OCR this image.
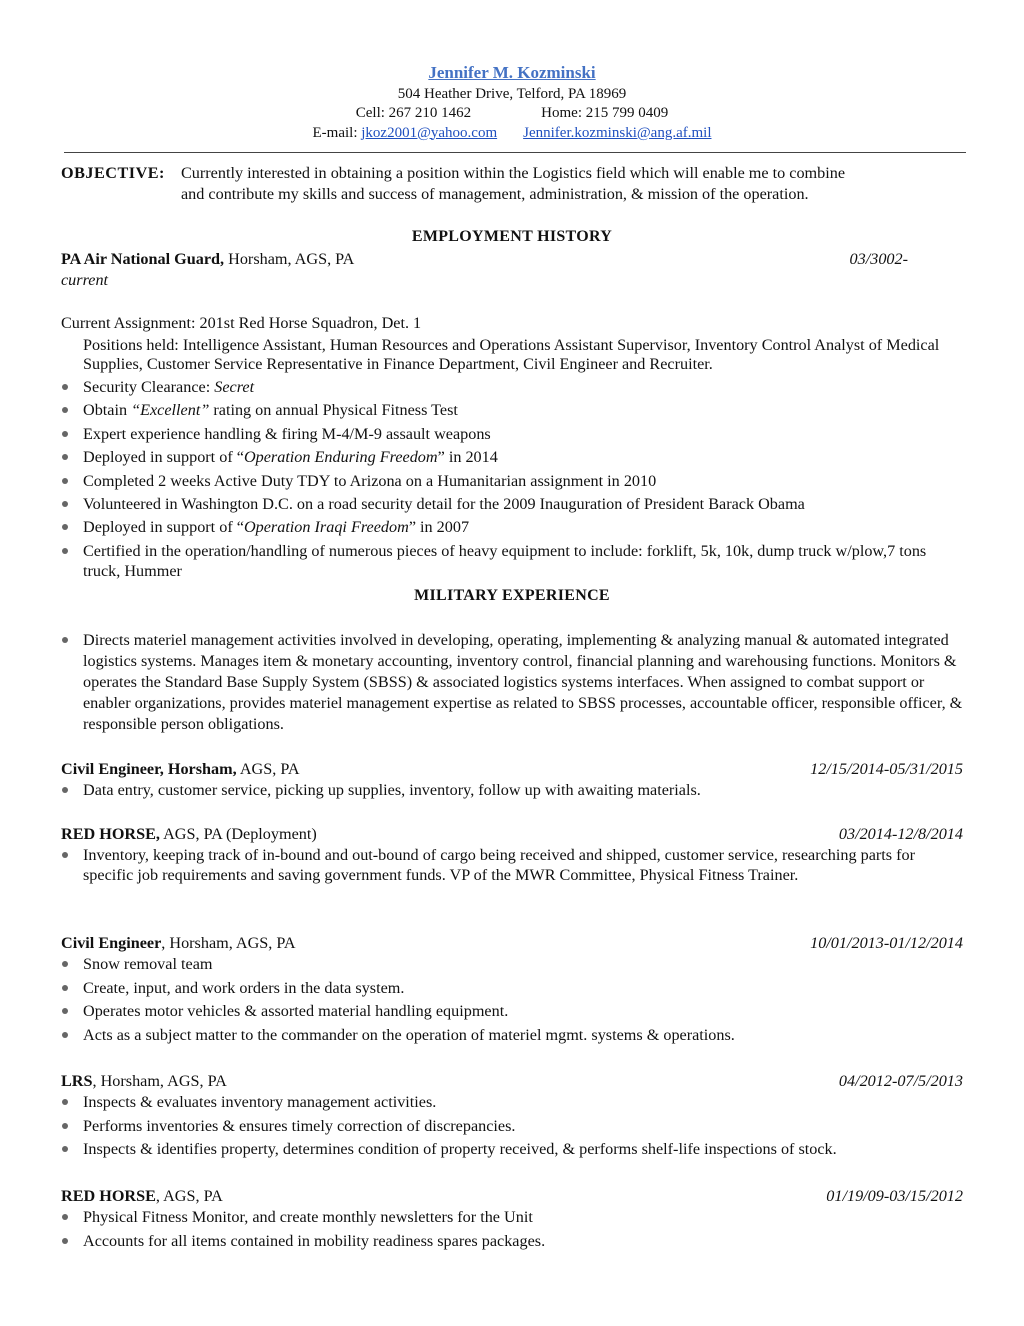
Jennifer M. Kozminski
504 Heather Drive, Telford, PA 18969
Cell: 267 210 1462	Home: 215 799 0409
E-mail: jkoz2001@yahoo.com Jennifer.kozminski@ang.af.mil
OBJECTIVE: Currently interested in obtaining a position within the Logistics field which will enable me to combine
and contribute my skills and success of management, administration, & mission of the operation.
EMPLOYMENT HISTORY
PA Air National Guard, Horsham, AGS, PA	03/3002-
current
Current Assignment: 201st Red Horse Squadron, Det. 1
Positions held: Intelligence Assistant, Human Resources and Operations Assistant Supervisor, Inventory Control Analyst of Medical Supplies, Customer Service Representative in Finance Department, Civil Engineer and Recruiter.
Security Clearance: Secret
Obtain “Excellent” rating on annual Physical Fitness Test
Expert experience handling & firing M-4/M-9 assault weapons
Deployed in support of “Operation Enduring Freedom” in 2014
Completed 2 weeks Active Duty TDY to Arizona on a Humanitarian assignment in 2010
Volunteered in Washington D.C. on a road security detail for the 2009 Inauguration of President Barack Obama
Deployed in support of “Operation Iraqi Freedom” in 2007
Certified in the operation/handling of numerous pieces of heavy equipment to include: forklift, 5k, 10k, dump truck w/plow,7 tons truck, Hummer
MILITARY EXPERIENCE
Directs materiel management activities involved in developing, operating, implementing & analyzing manual & automated integrated logistics systems. Manages item & monetary accounting, inventory control, financial planning and warehousing functions. Monitors & operates the Standard Base Supply System (SBSS) & associated logistics systems interfaces. When assigned to combat support or enabler organizations, provides materiel management expertise as related to SBSS processes, accountable officer, responsible officer, & responsible person obligations.
Civil Engineer, Horsham, AGS, PA	12/15/2014-05/31/2015
Data entry, customer service, picking up supplies, inventory, follow up with awaiting materials.
RED HORSE, AGS, PA (Deployment)	03/2014-12/8/2014
Inventory, keeping track of in-bound and out-bound of cargo being received and shipped, customer service, researching parts for specific job requirements and saving government funds. VP of the MWR Committee, Physical Fitness Trainer.
Civil Engineer, Horsham, AGS, PA	10/01/2013-01/12/2014
Snow removal team
Create, input, and work orders in the data system.
Operates motor vehicles & assorted material handling equipment.
Acts as a subject matter to the commander on the operation of materiel mgmt. systems & operations.
LRS, Horsham, AGS, PA	04/2012-07/5/2013
Inspects & evaluates inventory management activities.
Performs inventories & ensures timely correction of discrepancies.
Inspects & identifies property, determines condition of property received, & performs shelf-life inspections of stock.
RED HORSE, AGS, PA	01/19/09-03/15/2012
Physical Fitness Monitor, and create monthly newsletters for the Unit
Accounts for all items contained in mobility readiness spares packages.
